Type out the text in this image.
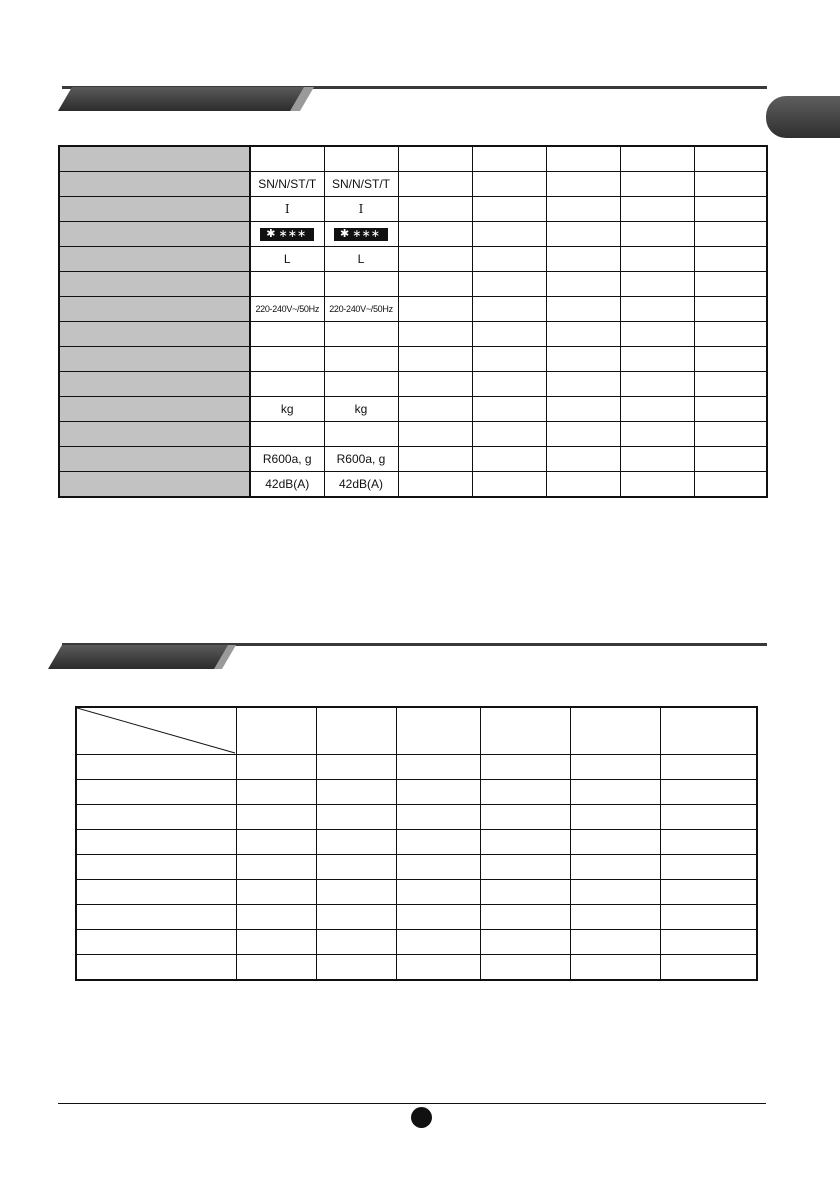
	SN/N/ST/T	SN/N/ST/T					
	I	I					
	✱ ∗∗∗	✱ ∗∗∗					
	L	L					

	220-240V~/50Hz	220-240V~/50Hz					

	kg	kg					

	R600a, g	R600a, g					
	42dB(A)	42dB(A)					
